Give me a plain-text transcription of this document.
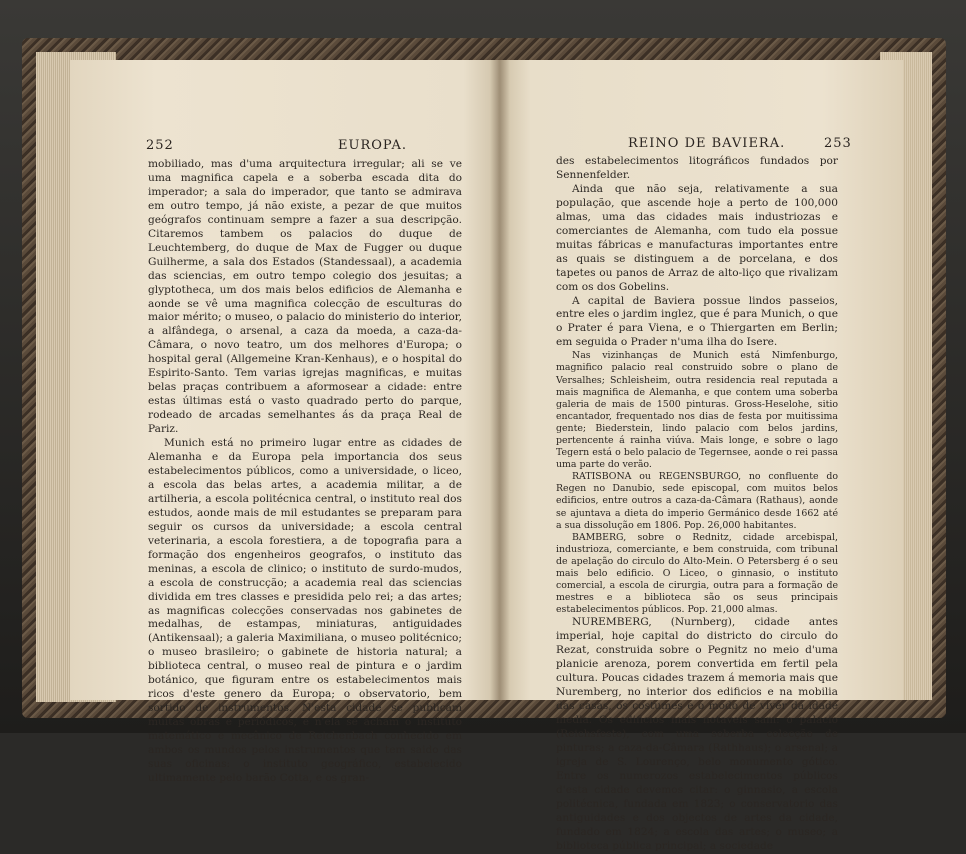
252	EUROPA.

mobiliado, mas d'uma arquitectura irregular; ali se ve uma magnifica capela e a soberba escada dita do imperador; a sala do imperador, que tanto se admirava em outro tempo, já não existe, a pezar de que muitos geógrafos continuam sempre a fazer a sua descripção. Citaremos tambem os palacios do duque de Leuchtemberg, do duque de Max de Fugger ou duque Guilherme, a sala dos Estados (Standessaal), a academia das sciencias, em outro tempo colegio dos jesuitas; a glyptotheca, um dos mais belos edificios de Alemanha e aonde se vê uma magnifica colecção de esculturas do maior mérito; o museo, o palacio do ministerio do interior, a alfândega, o arsenal, a caza da moeda, a caza-da-Câmara, o novo teatro, um dos melhores d'Europa; o hospital geral (Allgemeine Kran-Kenhaus), e o hospital do Espirito-Santo. Tem varias igrejas magnificas, e muitas belas praças contribuem a aformosear a cidade: entre estas últimas está o vasto quadrado perto do parque, rodeado de arcadas semelhantes ás da praça Real de Pariz.

Munich está no primeiro lugar entre as cidades de Alemanha e da Europa pela importancia dos seus estabelecimentos públicos, como a universidade, o liceo, a escola das belas artes, a academia militar, a de artilheria, a escola politécnica central, o instituto real dos estudos, aonde mais de mil estudantes se preparam para seguir os cursos da universidade; a escola central veterinaria, a escola forestiera, a de topografia para a formação dos engenheiros geografos, o instituto das meninas, a escola de clinico; o instituto de surdo-mudos, a escola de construcção; a academia real das sciencias dividida em tres classes e presidida pelo rei; a das artes; as magnificas colecções conservadas nos gabinetes de medalhas, de estampas, miniaturas, antiguidades (Antikensaal); a galeria Maximiliana, o museo politécnico; o museo brasileiro; o gabinete de historia natural; a biblioteca central, o museo real de pintura e o jardim botánico, que figuram entre os estabelecimentos mais ricos d'este genero da Europa; o observatorio, bem sortido de instrumentos. N'esta cidade se publicam muitas obras e periódicos, e n'ela se acham o instituto matemático e mecânico de Reichenbach conhecido em ambos os mundos pelos instrumentos que tem saido das suas oficinas: o instituto geográfico, estabelecido ultimamente pelo barão Cotta, e os gran-

REINO DE BAVIERA.	253

des estabelecimentos litográficos fundados por Sennenfelder.

Ainda que não seja, relativamente a sua população, que ascende hoje a perto de 100,000 almas, uma das cidades mais industriozas e comerciantes de Alemanha, com tudo ela possue muitas fábricas e manufacturas importantes entre as quais se distinguem a de porcelana, e dos tapetes ou panos de Arraz de alto-liço que rivalizam com os dos Gobelins.

A capital de Baviera possue lindos passeios, entre eles o jardim inglez, que é para Munich, o que o Prater é para Viena, e o Thiergarten em Berlin; em seguida o Prader n'uma ilha do Isere.

Nas vizinhanças de Munich está Nimfenburgo, magnifico palacio real construido sobre o plano de Versalhes; Schleisheim, outra residencia real reputada a mais magnifica de Alemanha, e que contem uma soberba galeria de mais de 1500 pinturas. Gross-Heselohe, sitio encantador, frequentado nos dias de festa por muitissima gente; Biederstein, lindo palacio com belos jardins, pertencente á rainha viúva. Mais longe, e sobre o lago Tegern está o belo palacio de Tegernsee, aonde o rei passa uma parte do verão.

RATISBONA ou REGENSBURGO, no confluente do Regen no Danubio, sede episcopal, com muitos belos edificios, entre outros a caza-da-Câmara (Rathaus), aonde se ajuntava a dieta do imperio Germánico desde 1662 até a sua dissolução em 1806. Pop. 26,000 habitantes.

BAMBERG, sobre o Rednitz, cidade arcebispal, industrioza, comerciante, e bem construida, com tribunal de apelação do circulo do Alto-Mein. O Petersberg é o seu mais belo edificio. O Liceo, o ginnasio, o instituto comercial, a escola de cirurgia, outra para a formação de mestres e a biblioteca são os seus principais estabelecimentos públicos. Pop. 21,000 almas.

NUREMBERG, (Nurnberg), cidade antes imperial, hoje capital do districto do circulo do Rezat, construida sobre o Pegnitz no meio d'uma planicie arenoza, porem convertida em fertil pela cultura. Poucas cidades trazem á memoria mais que Nuremberg, no interior dos edificios e na mobilia das casas, os costumes e o modo de viver da idade media. Os edificios mais notaveis sam: o palacio (Reichsfeste), com uma soberba colecção de pinturas; a caza-da-Câmara (Rathhaus); o arsenal; a igreja de S. Lourenço, belo monumento gótico. Entre os numerozos estabelecimentos públicos d'esta cidade devemos citar: o ginnasio, a escola politécnica, fundada em 1823; o conservatorio das antiguidades e dos objectos de artes da cidade, fundado em 1824; a escola das artes; o museo; a biblioteca pública principal; a sociedade
